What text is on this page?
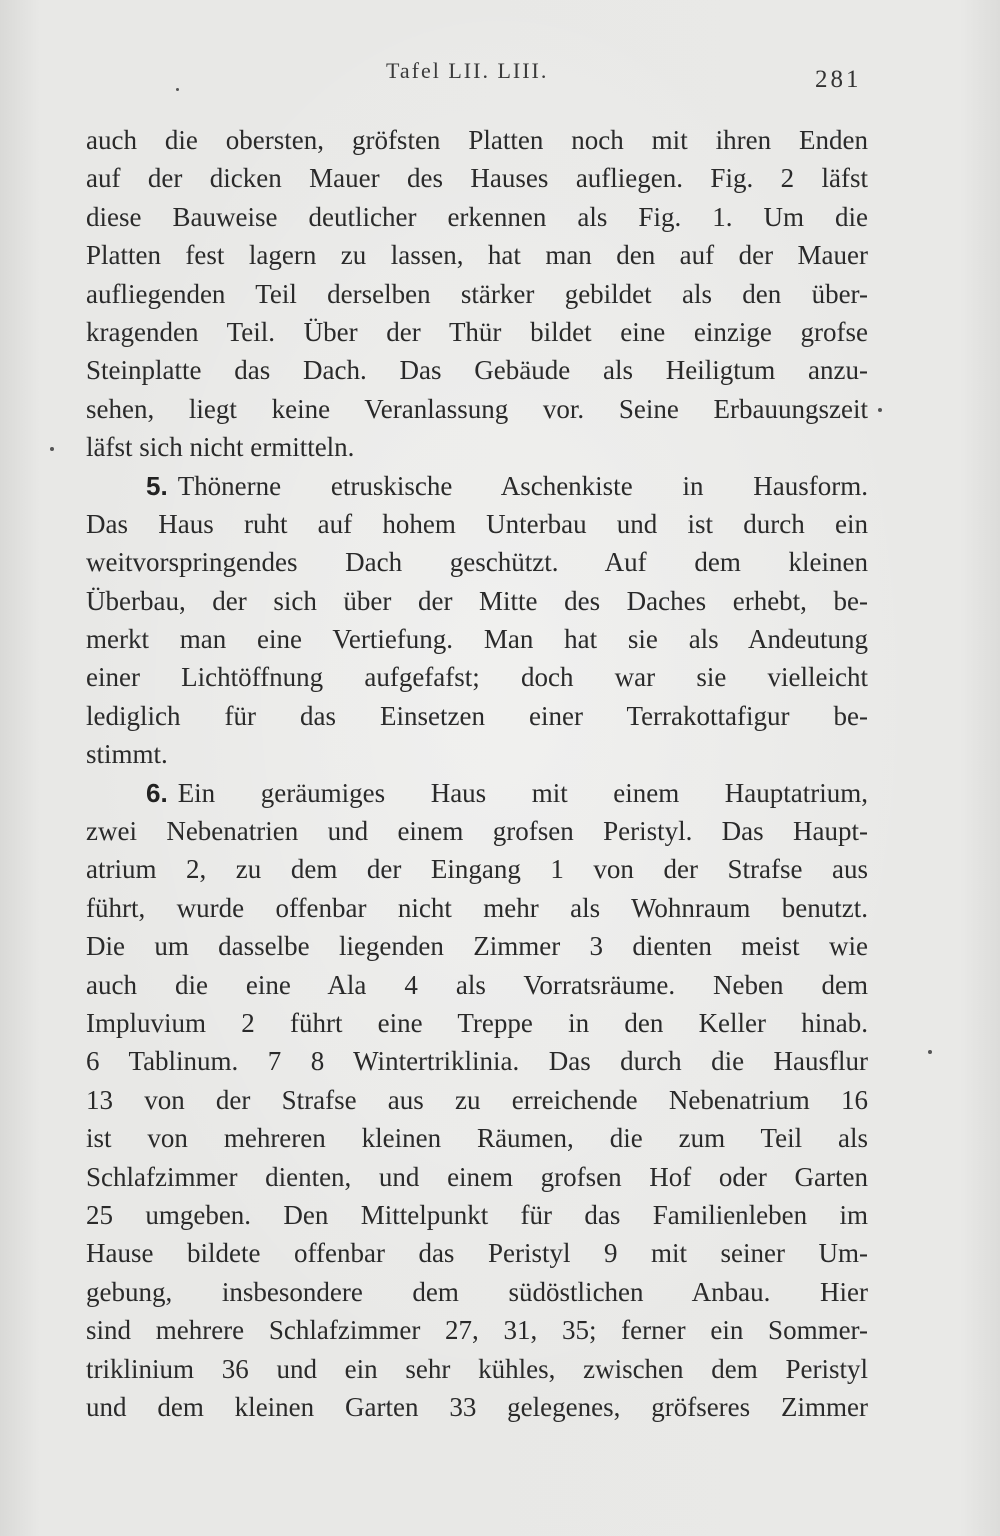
Tafel LII. LIII.	281
auch die obersten, gröfsten Platten noch mit ihren Enden
auf der dicken Mauer des Hauses aufliegen. Fig. 2 läfst
diese Bauweise deutlicher erkennen als Fig. 1. Um die
Platten fest lagern zu lassen, hat man den auf der Mauer
aufliegenden Teil derselben stärker gebildet als den über-
kragenden Teil. Über der Thür bildet eine einzige grofse
Steinplatte das Dach. Das Gebäude als Heiligtum anzu-
sehen, liegt keine Veranlassung vor. Seine Erbauungszeit
läfst sich nicht ermitteln.
5. Thönerne etruskische Aschenkiste in Hausform.
Das Haus ruht auf hohem Unterbau und ist durch ein
weitvorspringendes Dach geschützt. Auf dem kleinen
Überbau, der sich über der Mitte des Daches erhebt, be-
merkt man eine Vertiefung. Man hat sie als Andeutung
einer Lichtöffnung aufgefafst; doch war sie vielleicht
lediglich für das Einsetzen einer Terrakottafigur be-
stimmt.
6. Ein geräumiges Haus mit einem Hauptatrium,
zwei Nebenatrien und einem grofsen Peristyl. Das Haupt-
atrium 2, zu dem der Eingang 1 von der Strafse aus
führt, wurde offenbar nicht mehr als Wohnraum benutzt.
Die um dasselbe liegenden Zimmer 3 dienten meist wie
auch die eine Ala 4 als Vorratsräume. Neben dem
Impluvium 2 führt eine Treppe in den Keller hinab.
6 Tablinum. 7 8 Wintertriklinia. Das durch die Hausflur
13 von der Strafse aus zu erreichende Nebenatrium 16
ist von mehreren kleinen Räumen, die zum Teil als
Schlafzimmer dienten, und einem grofsen Hof oder Garten
25 umgeben. Den Mittelpunkt für das Familienleben im
Hause bildete offenbar das Peristyl 9 mit seiner Um-
gebung, insbesondere dem südöstlichen Anbau. Hier
sind mehrere Schlafzimmer 27, 31, 35; ferner ein Sommer-
triklinium 36 und ein sehr kühles, zwischen dem Peristyl
und dem kleinen Garten 33 gelegenes, gröfseres Zimmer
